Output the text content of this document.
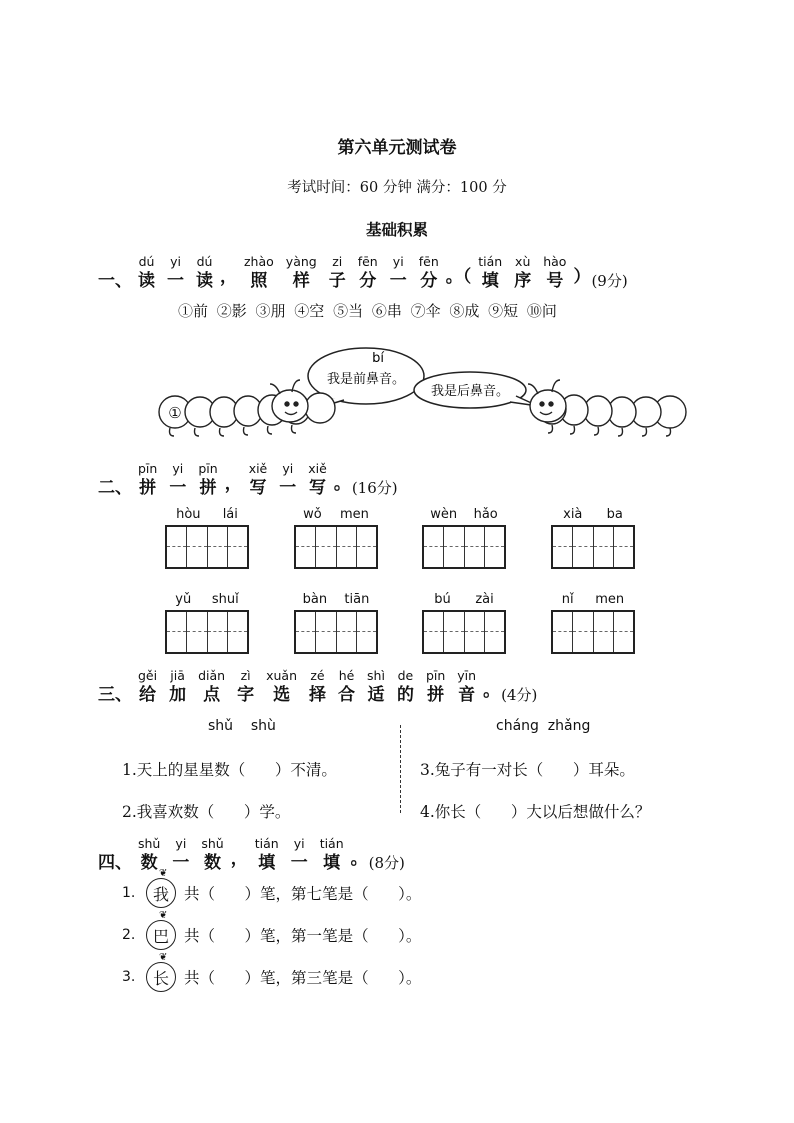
第六单元测试卷
考试时间：60 分钟 满分：100 分
基础积累
一、
dú
读
yi
一
dú
读 ，
zhào
照
yàng
样
zi
子
fēn
分
yi
一
fēn
分 。（
tián
填
xù
序
hào
号 ） (9分)
①前 ②影 ③朋 ④空 ⑤当 ⑥串 ⑦伞 ⑧成 ⑨短 ⑩问
bí
我是前鼻音。
我是后鼻音。
①
二、
pīn
拼
yi
一
pīn
拼 ，
xiě
写
yi
一
xiě
写 。 (16分)
hòu lái	wǒ men	wèn hǎo	xià ba
yǔ shuǐ	bàn tiān	bú zài	nǐ men
三、
gěi
给
jiā
加
diǎn
点
zì
字
xuǎn
选
zé
择
hé
合
shì
适
de
的
pīn
拼
yīn
音 。 (4分)
shǔ    shù	cháng  zhǎng
1.天上的星星数（      ）不清。
2.我喜欢数（      ）学。
3.兔子有一对长（      ）耳朵。
4.你长（      ）大以后想做什么？
四、
shǔ
数
yi
一
shǔ
数 ，
tián
填
yi
一
tián
填 。 (8分)
1.
❦
我 共（      ）笔，第七笔是（      ）。
2.
❦
巴 共（      ）笔，第一笔是（      ）。
3.
❦
长 共（      ）笔，第三笔是（      ）。
